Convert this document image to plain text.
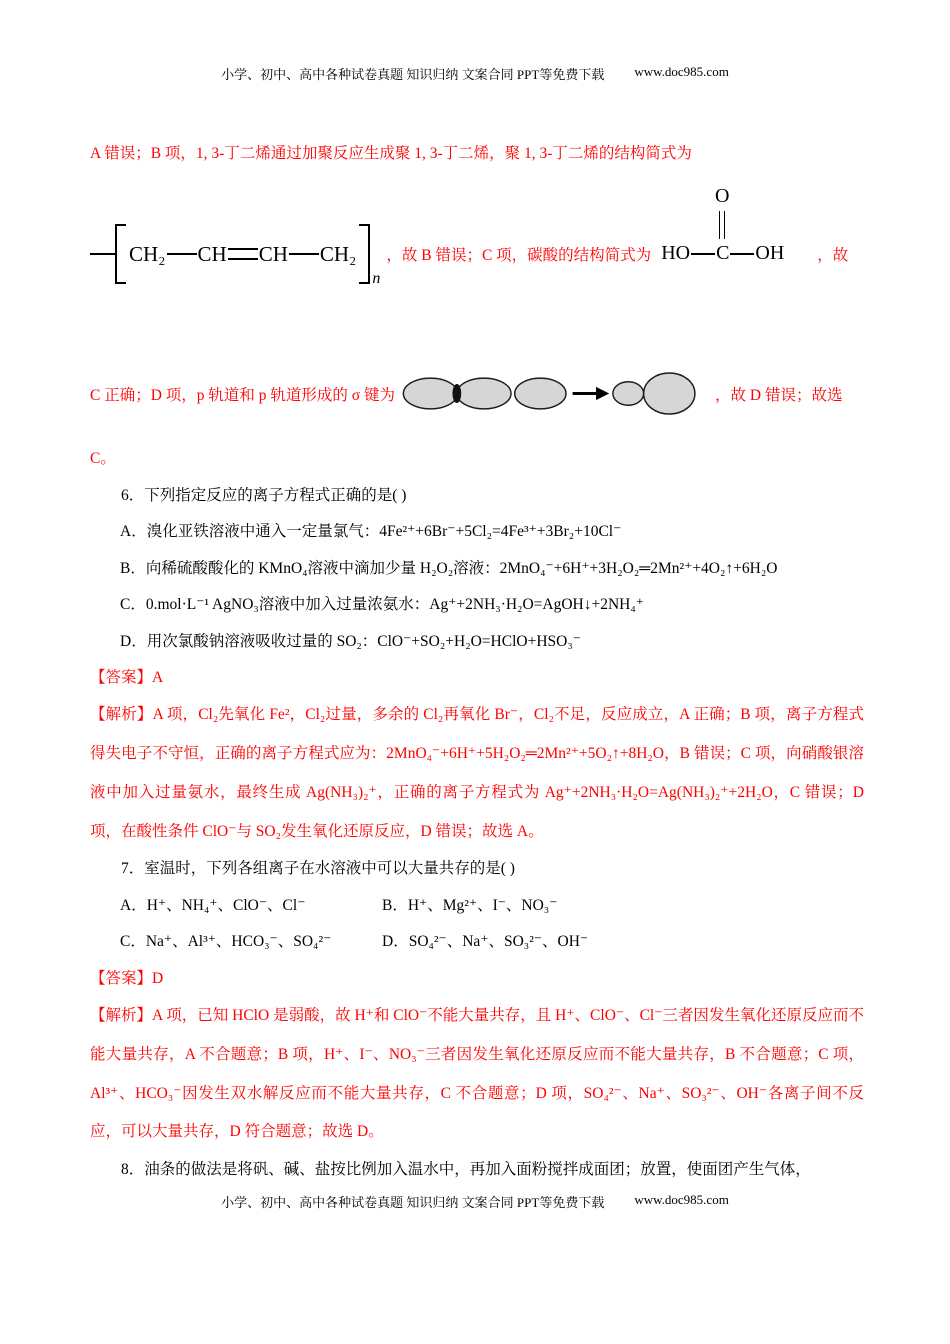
小学、初中、高中各种试卷真题 知识归纳 文案合同 PPT等免费下载 www.doc985.com

A 错误；B 项，1, 3-丁二烯通过加聚反应生成聚 1, 3-丁二烯，聚 1, 3-丁二烯的结构简式为

CH₂ CH CH CH₂
n
，故 B 错误；C 项，碳酸的结构简式为
O
HO C OH ，故
C 正确；D 项，p 轨道和 p 轨道形成的 σ 键为	，故 D 错误；故选

C。

6．下列指定反应的离子方程式正确的是( )

A．溴化亚铁溶液中通入一定量氯气：4Fe²⁺+6Br⁻+5Cl₂=4Fe³⁺+3Br₂+10Cl⁻

B．向稀硫酸酸化的 KMnO₄溶液中滴加少量 H₂O₂溶液：2MnO₄⁻+6H⁺+3H₂O₂═2Mn²⁺+4O₂↑+6H₂O

C．0.mol·L⁻¹ AgNO₃溶液中加入过量浓氨水：Ag⁺+2NH₃·H₂O=AgOH↓+2NH₄⁺

D．用次氯酸钠溶液吸收过量的 SO₂：ClO⁻+SO₂+H₂O=HClO+HSO₃⁻

【答案】A

【解析】A 项，Cl₂先氧化 Fe²，Cl₂过量，多余的 Cl₂再氧化 Br⁻，Cl₂不足，反应成立，A 正确；B 项，离子方程式得失电子不守恒，正确的离子方程式应为：2MnO₄⁻+6H⁺+5H₂O₂═2Mn²⁺+5O₂↑+8H₂O，B 错误；C 项，向硝酸银溶液中加入过量氨水，最终生成 Ag(NH₃)₂⁺，正确的离子方程式为 Ag⁺+2NH₃·H₂O=Ag(NH₃)₂⁺+2H₂O，C 错误；D 项，在酸性条件 ClO⁻与 SO₂发生氧化还原反应，D 错误；故选 A。

7．室温时，下列各组离子在水溶液中可以大量共存的是( )

A．H⁺、NH₄⁺、ClO⁻、Cl⁻	B．H⁺、Mg²⁺、I⁻、NO₃⁻

C．Na⁺、Al³⁺、HCO₃⁻、SO₄²⁻	D．SO₄²⁻、Na⁺、SO₃²⁻、OH⁻

【答案】D

【解析】A 项，已知 HClO 是弱酸，故 H⁺和 ClO⁻不能大量共存，且 H⁺、ClO⁻、Cl⁻三者因发生氧化还原反应而不能大量共存，A 不合题意；B 项，H⁺、I⁻、NO₃⁻三者因发生氧化还原反应而不能大量共存，B 不合题意；C 项，Al³⁺、HCO₃⁻因发生双水解反应而不能大量共存，C 不合题意；D 项，SO₄²⁻、Na⁺、SO₃²⁻、OH⁻各离子间不反应，可以大量共存，D 符合题意；故选 D。

8．油条的做法是将矾、碱、盐按比例加入温水中，再加入面粉搅拌成面团；放置，使面团产生气体，

小学、初中、高中各种试卷真题 知识归纳 文案合同 PPT等免费下载 www.doc985.com
